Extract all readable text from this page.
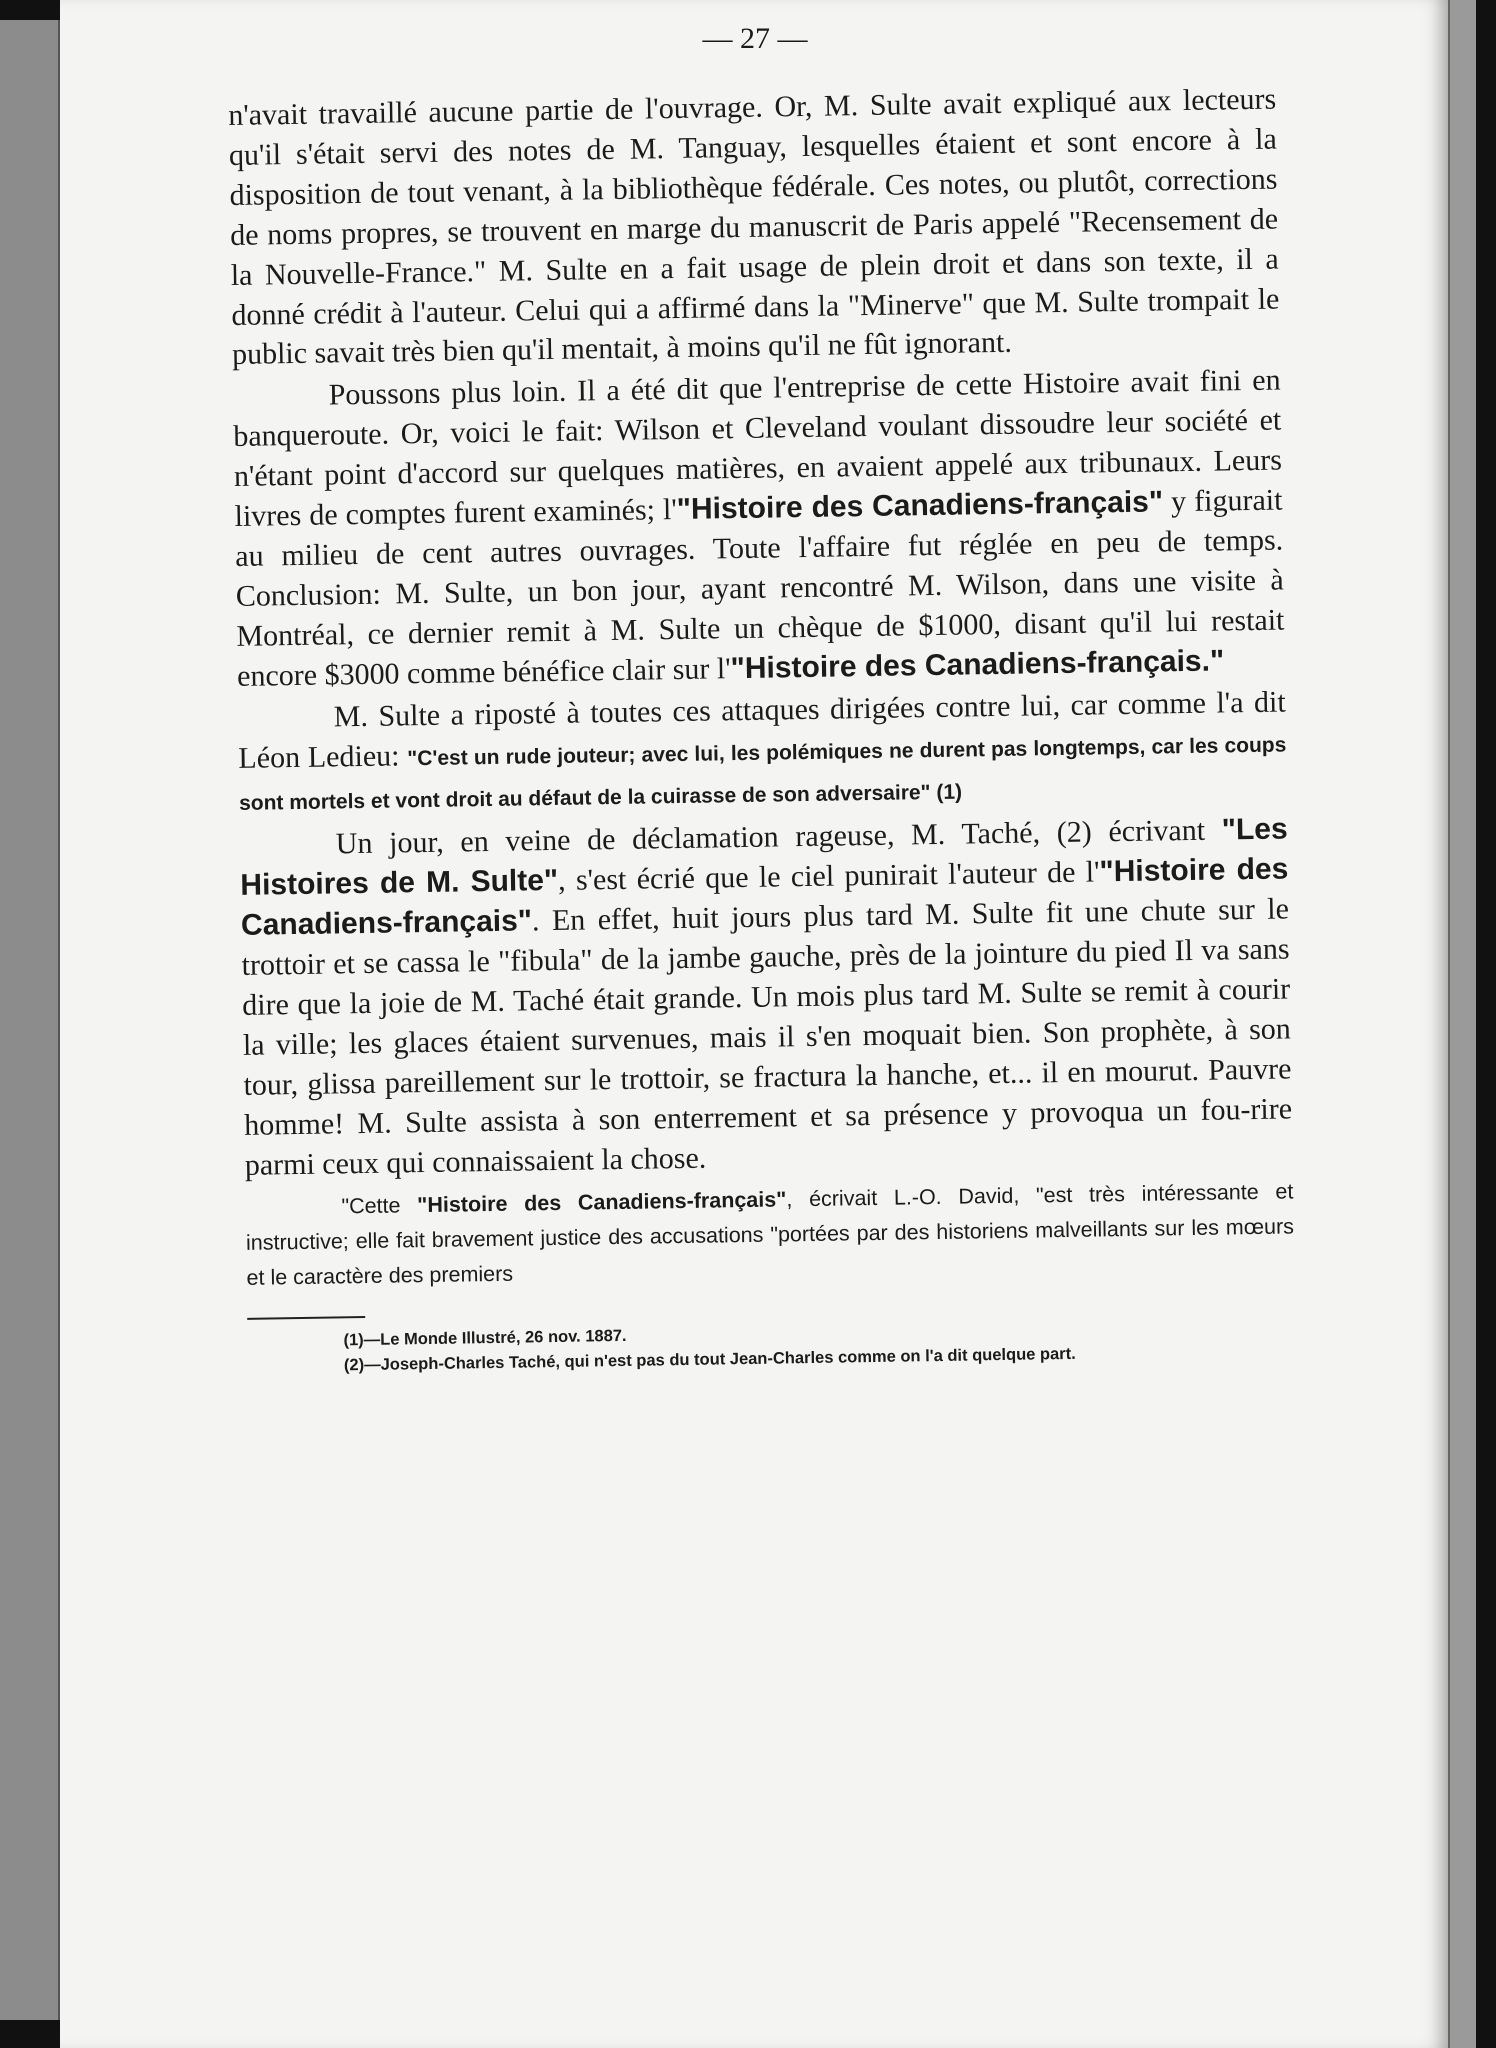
— 27 —

n'avait travaillé aucune partie de l'ouvrage. Or, M. Sulte avait expliqué aux lecteurs qu'il s'était servi des notes de M. Tanguay, lesquelles étaient et sont encore à la disposition de tout venant, à la bibliothèque fédérale. Ces notes, ou plutôt, corrections de noms propres, se trouvent en marge du manuscrit de Paris appelé "Recensement de la Nouvelle-France." M. Sulte en a fait usage de plein droit et dans son texte, il a donné crédit à l'auteur. Celui qui a affirmé dans la "Minerve" que M. Sulte trompait le public savait très bien qu'il mentait, à moins qu'il ne fût ignorant.

Poussons plus loin. Il a été dit que l'entreprise de cette Histoire avait fini en banqueroute. Or, voici le fait: Wilson et Cleveland voulant dissoudre leur société et n'étant point d'accord sur quelques matières, en avaient appelé aux tribunaux. Leurs livres de comptes furent examinés; l'"Histoire des Canadiens-français" y figurait au milieu de cent autres ouvrages. Toute l'affaire fut réglée en peu de temps. Conclusion: M. Sulte, un bon jour, ayant rencontré M. Wilson, dans une visite à Montréal, ce dernier remit à M. Sulte un chèque de $1000, disant qu'il lui restait encore $3000 comme bénéfice clair sur l'"Histoire des Canadiens-français."

M. Sulte a riposté à toutes ces attaques dirigées contre lui, car comme l'a dit Léon Ledieu: "C'est un rude jouteur; avec lui, les polémiques ne durent pas longtemps, car les coups sont mortels et vont droit au défaut de la cuirasse de son adversaire" (1)

Un jour, en veine de déclamation rageuse, M. Taché, (2) écrivant "Les Histoires de M. Sulte", s'est écrié que le ciel punirait l'auteur de l'"Histoire des Canadiens-français". En effet, huit jours plus tard M. Sulte fit une chute sur le trottoir et se cassa le "fibula" de la jambe gauche, près de la jointure du pied Il va sans dire que la joie de M. Taché était grande. Un mois plus tard M. Sulte se remit à courir la ville; les glaces étaient survenues, mais il s'en moquait bien. Son prophète, à son tour, glissa pareillement sur le trottoir, se fractura la hanche, et... il en mourut. Pauvre homme! M. Sulte assista à son enterrement et sa présence y provoqua un fou-rire parmi ceux qui connaissaient la chose.

"Cette "Histoire des Canadiens-français", écrivait L.-O. David, "est très intéressante et instructive; elle fait bravement justice des accusations "portées par des historiens malveillants sur les mœurs et le caractère des premiers

(1)—Le Monde Illustré, 26 nov. 1887.

(2)—Joseph-Charles Taché, qui n'est pas du tout Jean-Charles comme on l'a dit quelque part.
